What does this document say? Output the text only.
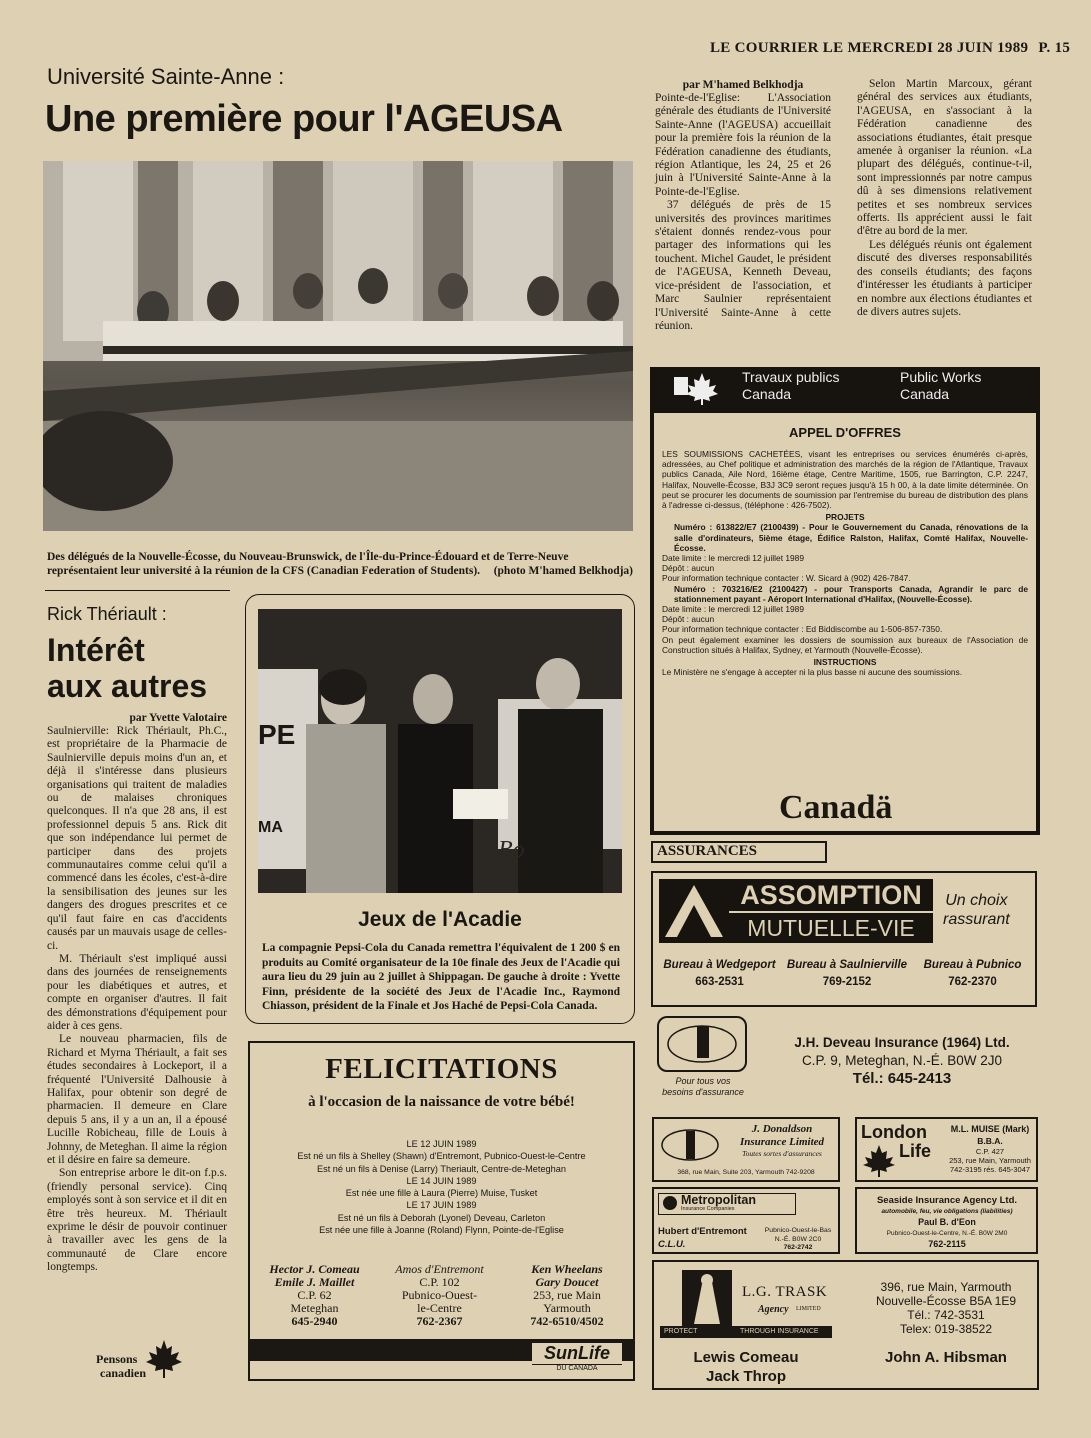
LE COURRIER LE MERCREDI 28 JUIN 1989 P. 15
Université Sainte-Anne :
Une première pour l'AGEUSA
Des délégués de la Nouvelle-Écosse, du Nouveau-Brunswick, de l'Île-du-Prince-Édouard et de Terre-Neuve représentaient leur université à la réunion de la CFS (Canadian Federation of Students). (photo M'hamed Belkhodja)

par M'hamed Belkhodja

Pointe-de-l'Eglise: L'Association générale des étudiants de l'Université Sainte-Anne (l'AGEUSA) accueillait pour la première fois la réunion de la Fédération canadienne des étudiants, région Atlantique, les 24, 25 et 26 juin à l'Université Sainte-Anne à la Pointe-de-l'Eglise.

37 délégués de près de 15 universités des provinces maritimes s'étaient donnés rendez-vous pour partager des informations qui les touchent. Michel Gaudet, le président de l'AGEUSA, Kenneth Deveau, vice-président de l'association, et Marc Saulnier représentaient l'Université Sainte-Anne à cette réunion.

Selon Martin Marcoux, gérant général des services aux étudiants, l'AGEUSA, en s'associant à la Fédération canadienne des associations étudiantes, était presque amenée à organiser la réunion. «La plupart des délégués, continue-t-il, sont impressionnés par notre campus dû à ses dimensions relativement petites et ses nombreux services offerts. Ils apprécient aussi le fait d'être au bord de la mer.

Les délégués réunis ont également discuté des diverses responsabilités des conseils étudiants; des façons d'intéresser les étudiants à participer en nombre aux élections étudiantes et de divers autres sujets.

Rick Thériault :
Intérêt
aux autres

par Yvette Valotaire

Saulnierville: Rick Thériault, Ph.C., est propriétaire de la Pharmacie de Saulnierville depuis moins d'un an, et déjà il s'intéresse dans plusieurs organisations qui traitent de maladies ou de malaises chroniques quelconques. Il n'a que 28 ans, il est professionnel depuis 5 ans. Rick dit que son indépendance lui permet de participer dans des projets communautaires comme celui qu'il a commencé dans les écoles, c'est-à-dire la sensibilisation des jeunes sur les dangers des drogues prescrites et ce qu'il faut faire en cas d'accidents causés par un mauvais usage de celles-ci.

M. Thériault s'est impliqué aussi dans des journées de renseignements pour les diabétiques et autres, et compte en organiser d'autres. Il fait des démonstrations d'équipement pour aider à ces gens.

Le nouveau pharmacien, fils de Richard et Myrna Thériault, a fait ses études secondaires à Lockeport, il a fréquenté l'Université Dalhousie à Halifax, pour obtenir son degré de pharmacien. Il demeure en Clare depuis 5 ans, il y a un an, il a épousé Lucille Robicheau, fille de Louis à Johnny, de Meteghan. Il aime la région et il désire en faire sa demeure.

Son entreprise arbore le dit-on f.p.s. (friendly personal service). Cinq employés sont à son service et il dit en être très heureux. M. Thériault exprime le désir de pouvoir continuer à travailler avec les gens de la communauté de Clare encore longtemps.

Pensons
canadien
PE
MA
Bo
Jeux de l'Acadie

La compagnie Pepsi-Cola du Canada remettra l'équivalent de 1 200 $ en produits au Comité organisateur de la 10e finale des Jeux de l'Acadie qui aura lieu du 29 juin au 2 juillet à Shippagan. De gauche à droite : Yvette Finn, présidente de la société des Jeux de l'Acadie Inc., Raymond Chiasson, président de la Finale et Jos Haché de Pepsi-Cola Canada.

FELICITATIONS
à l'occasion de la naissance de votre bébé!
LE 12 JUIN 1989
Est né un fils à Shelley (Shawn) d'Entremont, Pubnico-Ouest-le-Centre
Est né un fils à Denise (Larry) Theriault, Centre-de-Meteghan
LE 14 JUIN 1989
Est née une fille à Laura (Pierre) Muise, Tusket
LE 17 JUIN 1989
Est né un fils à Deborah (Lyonel) Deveau, Carleton
Est née une fille à Joanne (Roland) Flynn, Pointe-de-l'Eglise
Hector J. Comeau
Emile J. Maillet
C.P. 62
Meteghan
645-2940
Amos d'Entremont
C.P. 102
Pubnico-Ouest-le-Centre
762-2367
Ken Wheelans
Gary Doucet
253, rue Main
Yarmouth
742-6510/4502
SunLife
DU CANADA
Travaux publics
Canada
Public Works
Canada
APPEL D'OFFRES

LES SOUMISSIONS CACHETÉES, visant les entreprises ou services énumérés ci-après, adressées, au Chef politique et administration des marchés de la région de l'Atlantique, Travaux publics Canada, Aile Nord, 16ième étage, Centre Maritime, 1505, rue Barrington, C.P. 2247, Halifax, Nouvelle-Écosse, B3J 3C9 seront reçues jusqu'à 15 h 00, à la date limite déterminée. On peut se procurer les documents de soumission par l'entremise du bureau de distribution des plans à l'adresse ci-dessus, (téléphone : 426-7502).

PROJETS

Numéro : 613822/E7 (2100439) - Pour le Gouvernement du Canada, rénovations de la salle d'ordinateurs, 5ième étage, Édifice Ralston, Halifax, Comté Halifax, Nouvelle-Écosse.

Date limite : le mercredi 12 juillet 1989

Dépôt : aucun

Pour information technique contacter : W. Sicard à (902) 426-7847.

Numéro : 703216/E2 (2100427) - pour Transports Canada, Agrandir le parc de stationnement payant - Aéroport International d'Halifax, (Nouvelle-Écosse).

Date limite : le mercredi 12 juillet 1989

Dépôt : aucun

Pour information technique contacter : Ed Biddiscombe au 1-506-857-7350.

On peut également examiner les dossiers de soumission aux bureaux de l'Association de Construction situés à Halifax, Sydney, et Yarmouth (Nouvelle-Écosse).

INSTRUCTIONS

Le Ministère ne s'engage à accepter ni la plus basse ni aucune des soumissions.

Canadä
ASSURANCES
ASSOMPTION
MUTUELLE-VIE
Un choix
rassurant
Bureau à Wedgeport
663-2531
Bureau à Saulnierville
769-2152
Bureau à Pubnico
762-2370
Pour tous vos
besoins d'assurance
J.H. Deveau Insurance (1964) Ltd.
C.P. 9, Meteghan, N.-É. B0W 2J0
Tél.: 645-2413
J. Donaldson
Insurance Limited
Toutes sortes d'assurances
368, rue Main, Suite 203, Yarmouth 742-9208
London
Life
M.L. MUISE (Mark)
B.B.A.
C.P. 427
253, rue Main, Yarmouth
742-3195 rés. 645-3047
Metropolitan
Insurance Companies
Hubert d'Entremont
C.L.U.
Pubnico-Ouest-le-Bas
N.-É. B0W 2C0
762-2742
Seaside Insurance Agency Ltd.
automobile, feu, vie obligations (liabilities)
Paul B. d'Eon
Pubnico-Ouest-le-Centre, N.-É. B0W 2M0
762-2115
L.G. TRASK
Agency LIMITED
PROTECT	THROUGH INSURANCE
396, rue Main, Yarmouth
Nouvelle-Écosse B5A 1E9
Tél.: 742-3531
Telex: 019-38522
Lewis Comeau
Jack Throp
John A. Hibsman
